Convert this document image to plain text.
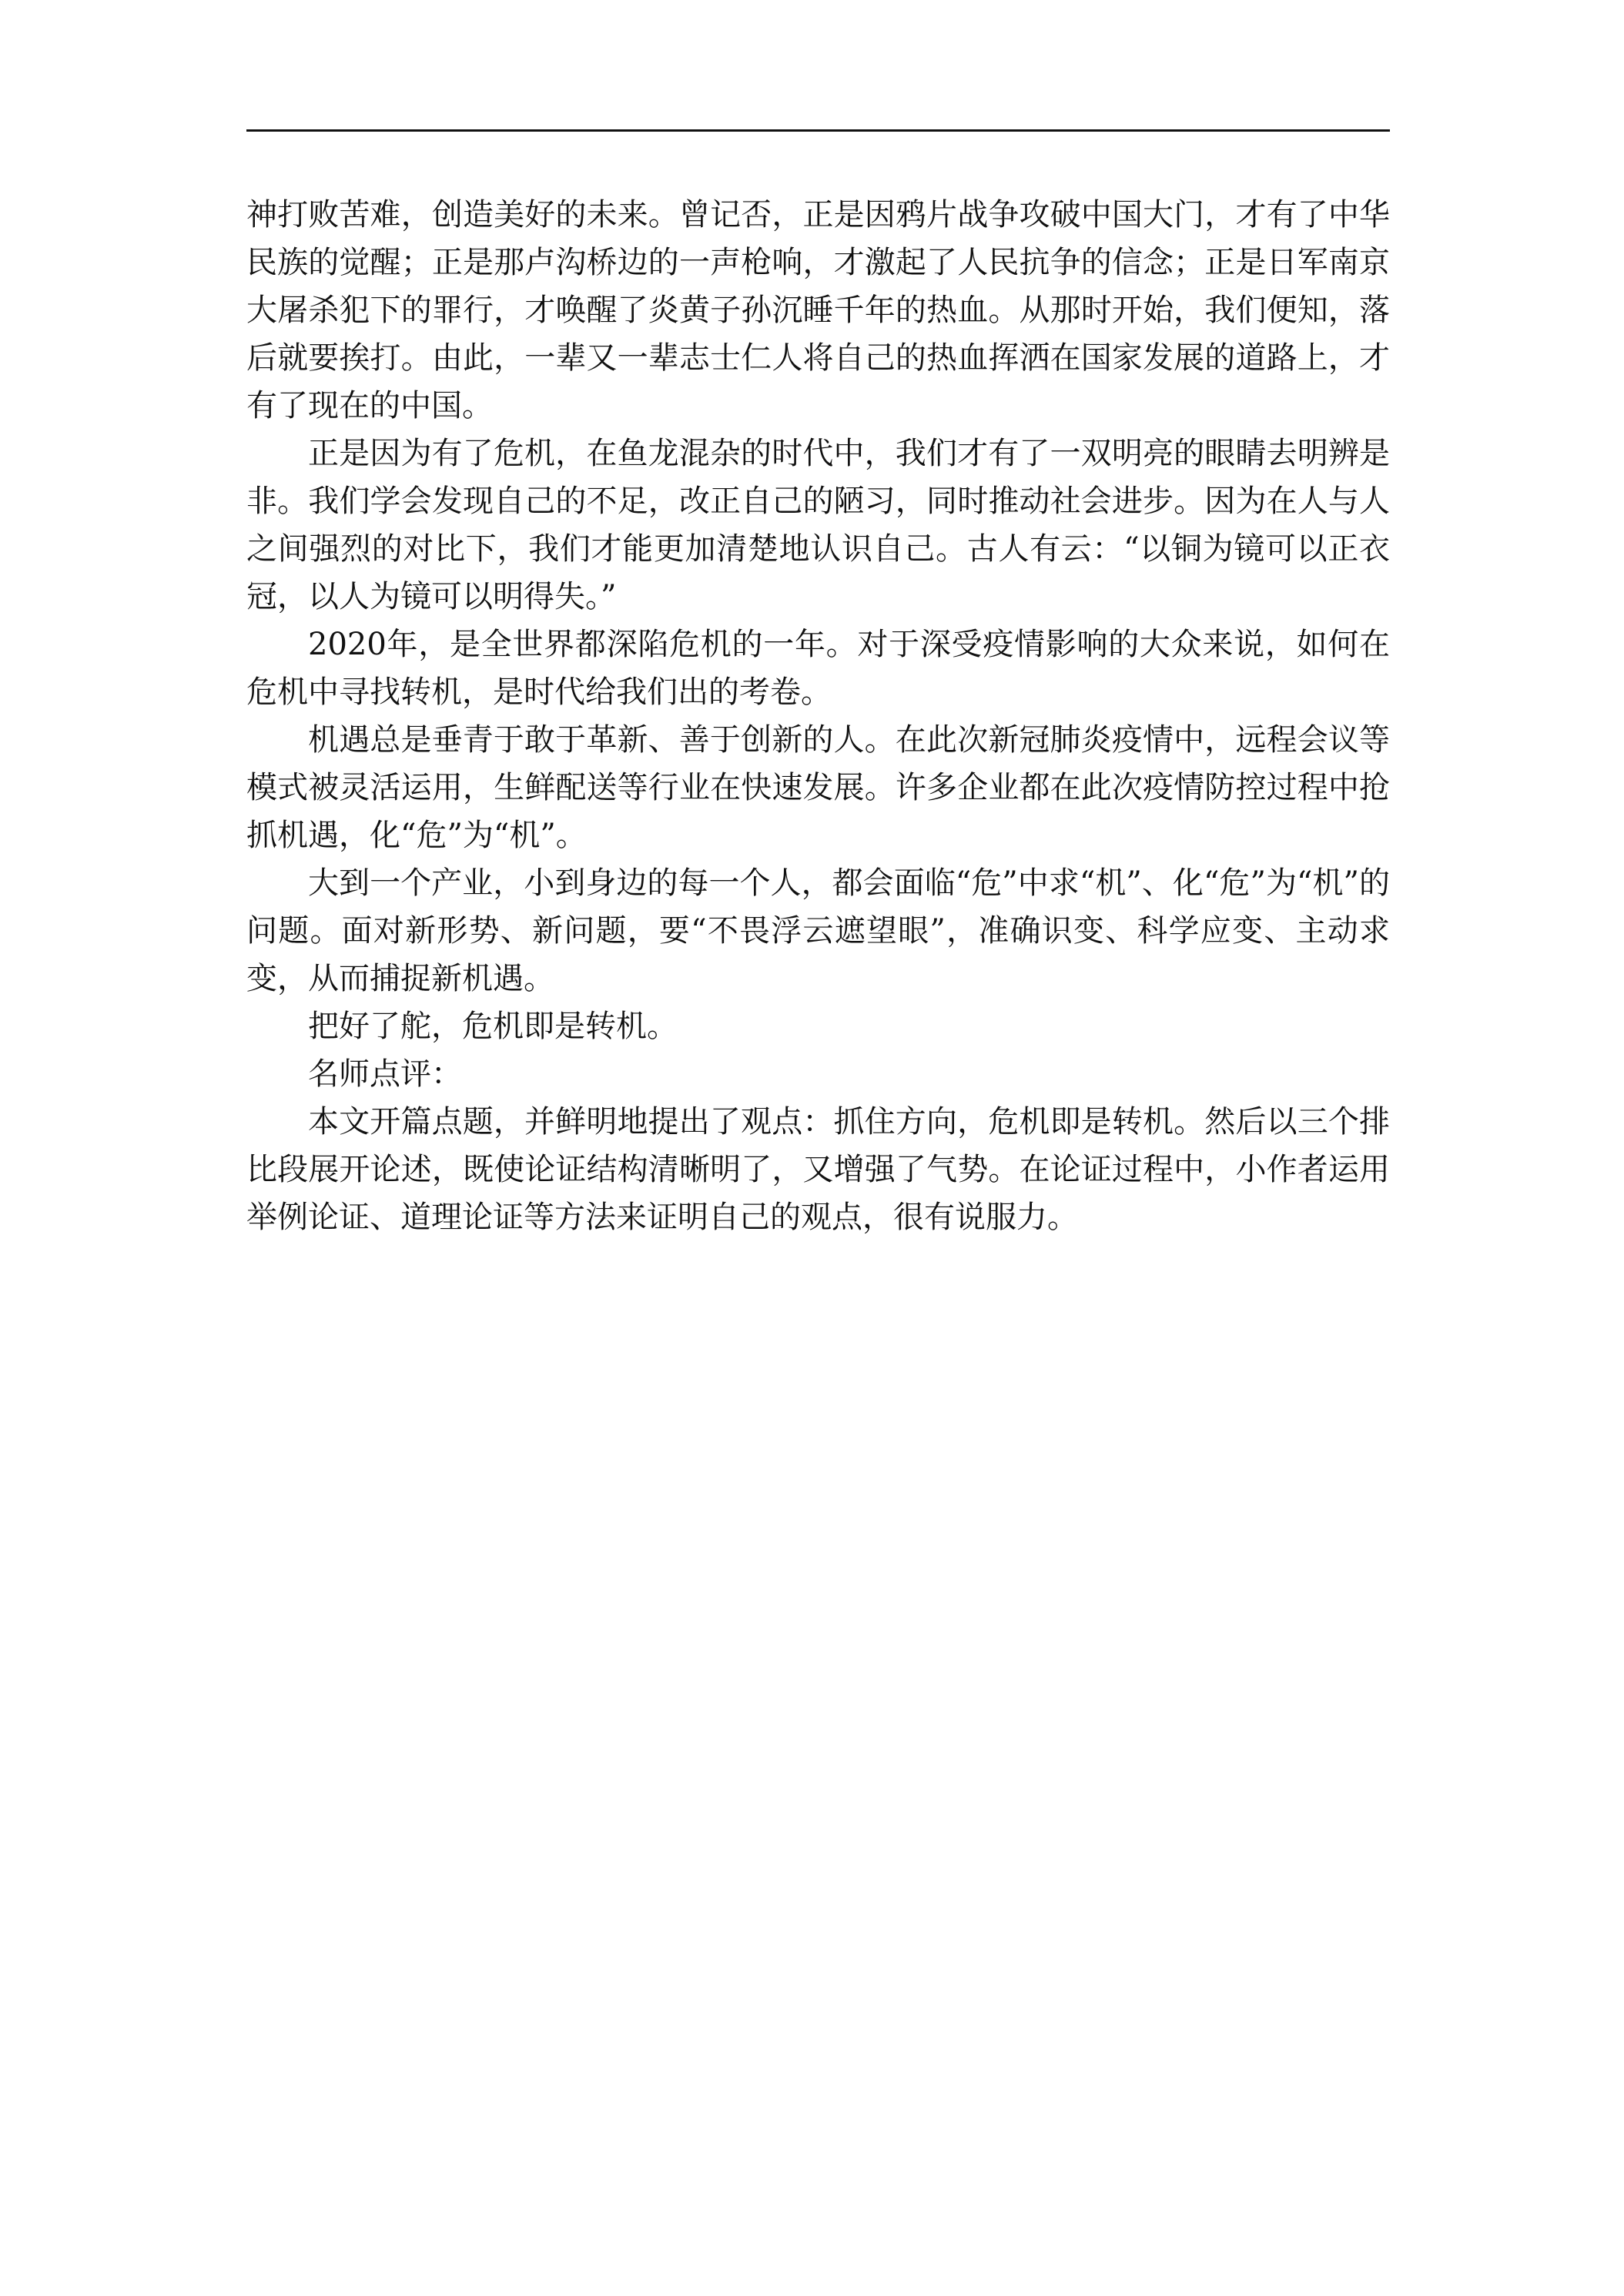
神打败苦难，创造美好的未来。曾记否，正是因鸦片战争攻破中国大门，才有了中华民族的觉醒；正是那卢沟桥边的一声枪响，才激起了人民抗争的信念；正是日军南京大屠杀犯下的罪行，才唤醒了炎黄子孙沉睡千年的热血。从那时开始，我们便知，落后就要挨打。由此，一辈又一辈志士仁人将自己的热血挥洒在国家发展的道路上，才有了现在的中国。

正是因为有了危机，在鱼龙混杂的时代中，我们才有了一双明亮的眼睛去明辨是非。我们学会发现自己的不足，改正自己的陋习，同时推动社会进步。因为在人与人之间强烈的对比下，我们才能更加清楚地认识自己。古人有云：“以铜为镜可以正衣冠，以人为镜可以明得失。”

2020年，是全世界都深陷危机的一年。对于深受疫情影响的大众来说，如何在危机中寻找转机，是时代给我们出的考卷。

机遇总是垂青于敢于革新、善于创新的人。在此次新冠肺炎疫情中，远程会议等模式被灵活运用，生鲜配送等行业在快速发展。许多企业都在此次疫情防控过程中抢抓机遇，化“危”为“机”。

大到一个产业，小到身边的每一个人，都会面临“危”中求“机”、化“危”为“机”的问题。面对新形势、新问题，要“不畏浮云遮望眼”，准确识变、科学应变、主动求变，从而捕捉新机遇。

把好了舵，危机即是转机。

名师点评：

本文开篇点题，并鲜明地提出了观点：抓住方向，危机即是转机。然后以三个排比段展开论述，既使论证结构清晰明了，又增强了气势。在论证过程中，小作者运用举例论证、道理论证等方法来证明自己的观点，很有说服力。
